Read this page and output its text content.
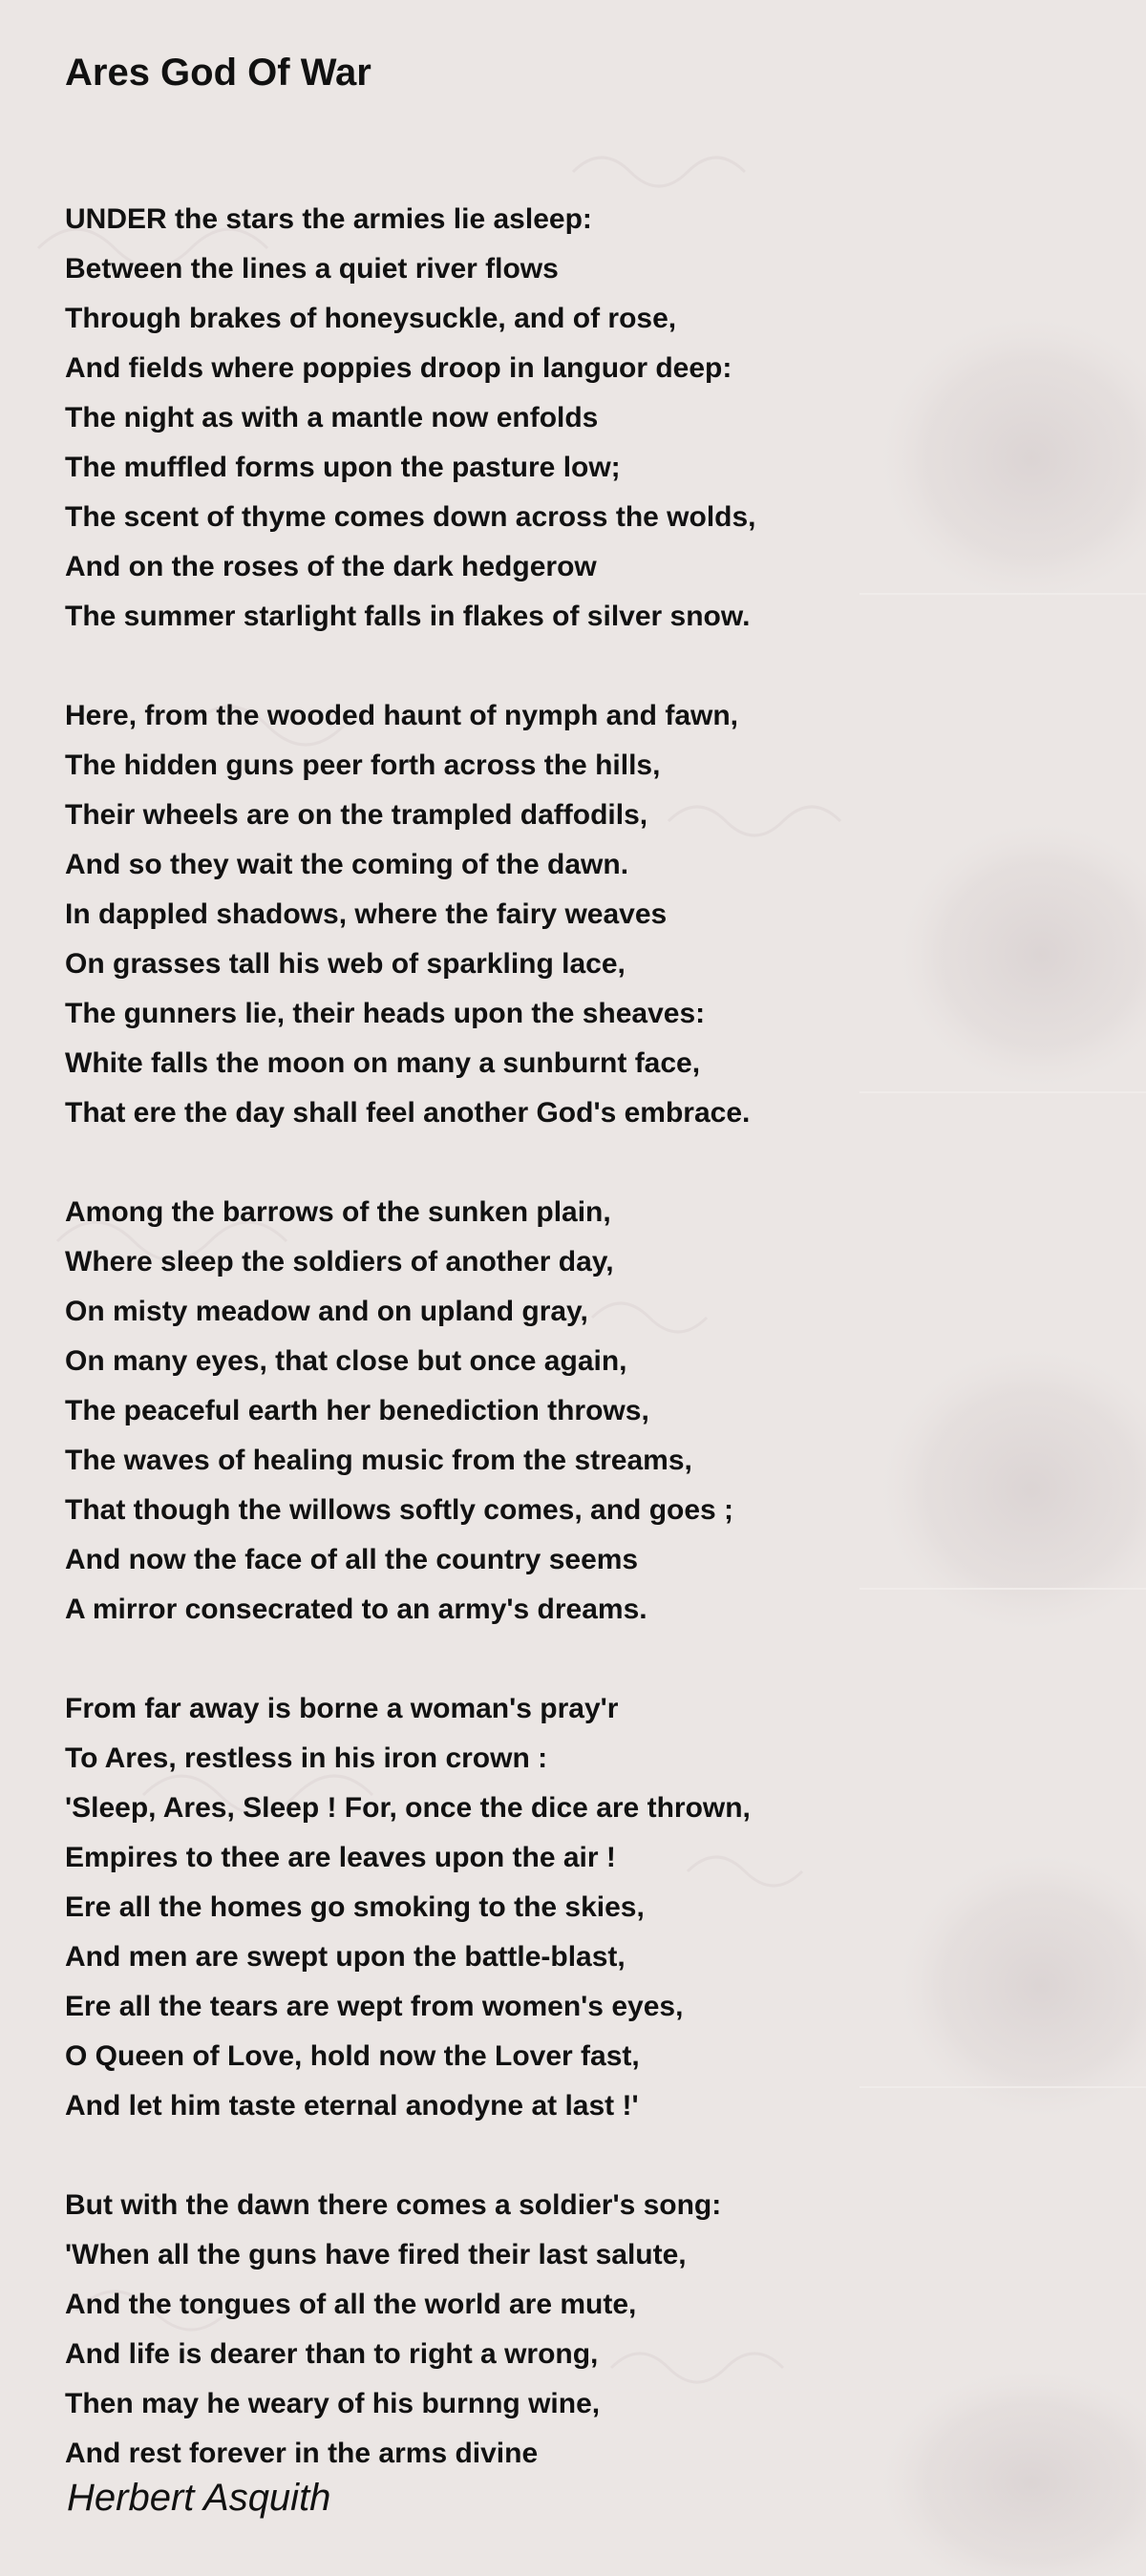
Ares God Of War
UNDER the stars the armies lie asleep:
Between the lines a quiet river flows
Through brakes of honeysuckle, and of rose,
And fields where poppies droop in languor deep:
The night as with a mantle now enfolds
The muffled forms upon the pasture low;
The scent of thyme comes down across the wolds,
And on the roses of the dark hedgerow
The summer starlight falls in flakes of silver snow.
Here, from the wooded haunt of nymph and fawn,
The hidden guns peer forth across the hills,
Their wheels are on the trampled daffodils,
And so they wait the coming of the dawn.
In dappled shadows, where the fairy weaves
On grasses tall his web of sparkling lace,
The gunners lie, their heads upon the sheaves:
White falls the moon on many a sunburnt face,
That ere the day shall feel another God's embrace.
Among the barrows of the sunken plain,
Where sleep the soldiers of another day,
On misty meadow and on upland gray,
On many eyes, that close but once again,
The peaceful earth her benediction throws,
The waves of healing music from the streams,
That though the willows softly comes, and goes ;
And now the face of all the country seems
A mirror consecrated to an army's dreams.
From far away is borne a woman's pray'r
To Ares, restless in his iron crown :
'Sleep, Ares, Sleep ! For, once the dice are thrown,
Empires to thee are leaves upon the air !
Ere all the homes go smoking to the skies,
And men are swept upon the battle-blast,
Ere all the tears are wept from women's eyes,
O Queen of Love, hold now the Lover fast,
And let him taste eternal anodyne at last !'
But with the dawn there comes a soldier's song:
'When all the guns have fired their last salute,
And the tongues of all the world are mute,
And life is dearer than to right a wrong,
Then may he weary of his burnng wine,
And rest forever in the arms divine
Herbert Asquith
